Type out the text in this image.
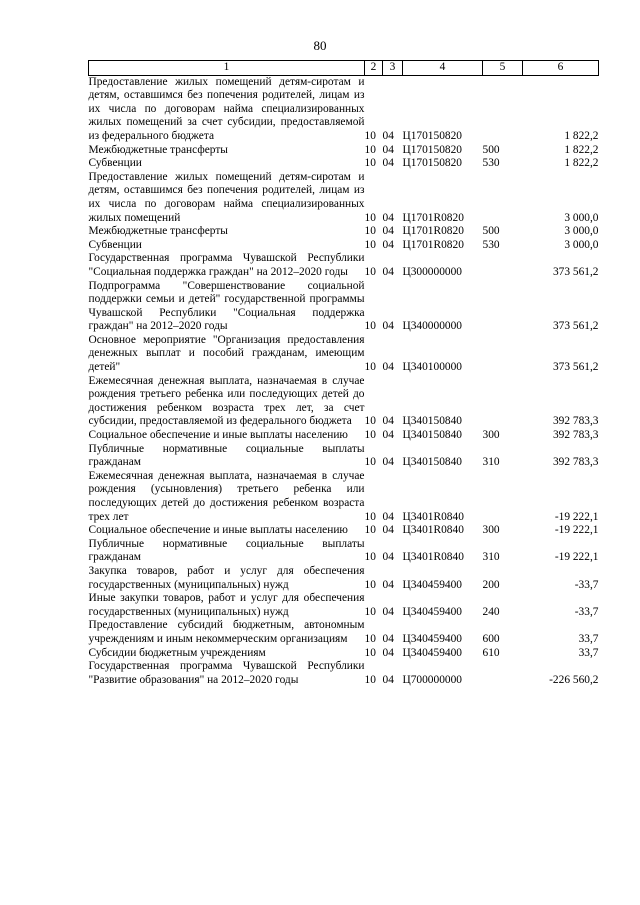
80
1	2	3	4	5	6
Предоставление жилых помещений детям-сиротам и детям, оставшимся без попечения родителей, лицам из их числа по договорам найма специализированных жилых помещений за счет субсидии, предоставляемой из федерального бюджета	10	04	Ц170150820		1 822,2
Межбюджетные трансферты	10	04	Ц170150820	500	1 822,2
Субвенции	10	04	Ц170150820	530	1 822,2
Предоставление жилых помещений детям-сиротам и детям, оставшимся без попечения родителей, лицам из их числа по договорам найма специализированных жилых помещений	10	04	Ц1701R0820		3 000,0
Межбюджетные трансферты	10	04	Ц1701R0820	500	3 000,0
Субвенции	10	04	Ц1701R0820	530	3 000,0
Государственная программа Чувашской Республики "Социальная поддержка граждан" на 2012–2020 годы	10	04	Ц300000000		373 561,2
Подпрограмма "Совершенствование социальной поддержки семьи и детей" государственной программы Чувашской Республики "Социальная поддержка граждан" на 2012–2020 годы	10	04	Ц340000000		373 561,2
Основное мероприятие "Организация предоставления денежных выплат и пособий гражданам, имеющим детей"	10	04	Ц340100000		373 561,2
Ежемесячная денежная выплата, назначаемая в случае рождения третьего ребенка или последующих детей до достижения ребенком возраста трех лет, за счет субсидии, предоставляемой из федерального бюджета	10	04	Ц340150840		392 783,3
Социальное обеспечение и иные выплаты населению	10	04	Ц340150840	300	392 783,3
Публичные нормативные социальные выплаты гражданам	10	04	Ц340150840	310	392 783,3
Ежемесячная денежная выплата, назначаемая в случае рождения (усыновления) третьего ребенка или последующих детей до достижения ребенком возраста трех лет	10	04	Ц3401R0840		-19 222,1
Социальное обеспечение и иные выплаты населению	10	04	Ц3401R0840	300	-19 222,1
Публичные нормативные социальные выплаты гражданам	10	04	Ц3401R0840	310	-19 222,1
Закупка товаров, работ и услуг для обеспечения государственных (муниципальных) нужд	10	04	Ц340459400	200	-33,7
Иные закупки товаров, работ и услуг для обеспечения государственных (муниципальных) нужд	10	04	Ц340459400	240	-33,7
Предоставление субсидий бюджетным, автономным учреждениям и иным некоммерческим организациям	10	04	Ц340459400	600	33,7
Субсидии бюджетным учреждениям	10	04	Ц340459400	610	33,7
Государственная программа Чувашской Республики "Развитие образования" на 2012–2020 годы	10	04	Ц700000000		-226 560,2
